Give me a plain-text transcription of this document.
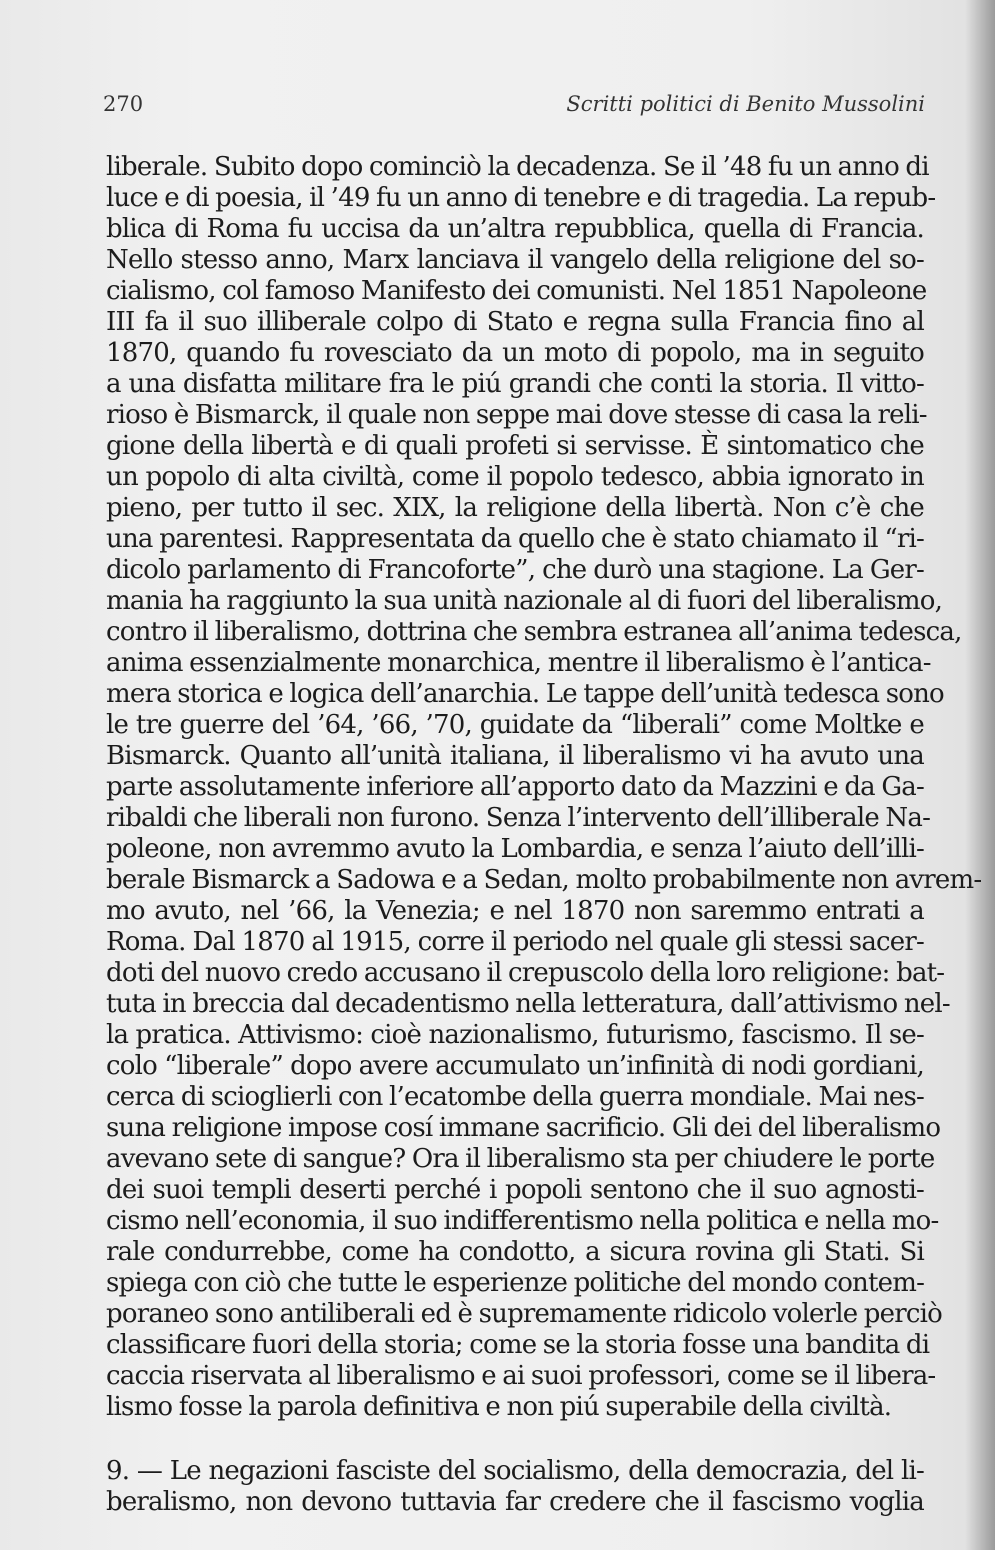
270	Scritti politici di Benito Mussolini

liberale. Subito dopo cominciò la decadenza. Se il ’48 fu un anno di
luce e di poesia, il ’49 fu un anno di tenebre e di tragedia. La repub-
blica di Roma fu uccisa da un’altra repubblica, quella di Francia.
Nello stesso anno, Marx lanciava il vangelo della religione del so-
cialismo, col famoso Manifesto dei comunisti. Nel 1851 Napoleone
III fa il suo illiberale colpo di Stato e regna sulla Francia fino al
1870, quando fu rovesciato da un moto di popolo, ma in seguito
a una disfatta militare fra le piú grandi che conti la storia. Il vitto-
rioso è Bismarck, il quale non seppe mai dove stesse di casa la reli-
gione della libertà e di quali profeti si servisse. È sintomatico che
un popolo di alta civiltà, come il popolo tedesco, abbia ignorato in
pieno, per tutto il sec. XIX, la religione della libertà. Non c’è che
una parentesi. Rappresentata da quello che è stato chiamato il “ri-
dicolo parlamento di Francoforte”, che durò una stagione. La Ger-
mania ha raggiunto la sua unità nazionale al di fuori del liberalismo,
contro il liberalismo, dottrina che sembra estranea all’anima tedesca,
anima essenzialmente monarchica, mentre il liberalismo è l’antica-
mera storica e logica dell’anarchia. Le tappe dell’unità tedesca sono
le tre guerre del ’64, ’66, ’70, guidate da “liberali” come Moltke e
Bismarck. Quanto all’unità italiana, il liberalismo vi ha avuto una
parte assolutamente inferiore all’apporto dato da Mazzini e da Ga-
ribaldi che liberali non furono. Senza l’intervento dell’illiberale Na-
poleone, non avremmo avuto la Lombardia, e senza l’aiuto dell’illi-
berale Bismarck a Sadowa e a Sedan, molto probabilmente non avrem-
mo avuto, nel ’66, la Venezia; e nel 1870 non saremmo entrati a
Roma. Dal 1870 al 1915, corre il periodo nel quale gli stessi sacer-
doti del nuovo credo accusano il crepuscolo della loro religione: bat-
tuta in breccia dal decadentismo nella letteratura, dall’attivismo nel-
la pratica. Attivismo: cioè nazionalismo, futurismo, fascismo. Il se-
colo “liberale” dopo avere accumulato un’infinità di nodi gordiani,
cerca di scioglierli con l’ecatombe della guerra mondiale. Mai nes-
suna religione impose cosí immane sacrificio. Gli dei del liberalismo
avevano sete di sangue? Ora il liberalismo sta per chiudere le porte
dei suoi templi deserti perché i popoli sentono che il suo agnosti-
cismo nell’economia, il suo indifferentismo nella politica e nella mo-
rale condurrebbe, come ha condotto, a sicura rovina gli Stati. Si
spiega con ciò che tutte le esperienze politiche del mondo contem-
poraneo sono antiliberali ed è supremamente ridicolo volerle perciò
classificare fuori della storia; come se la storia fosse una bandita di
caccia riservata al liberalismo e ai suoi professori, come se il libera-
lismo fosse la parola definitiva e non piú superabile della civiltà.

9. — Le negazioni fasciste del socialismo, della democrazia, del li-
beralismo, non devono tuttavia far credere che il fascismo voglia
